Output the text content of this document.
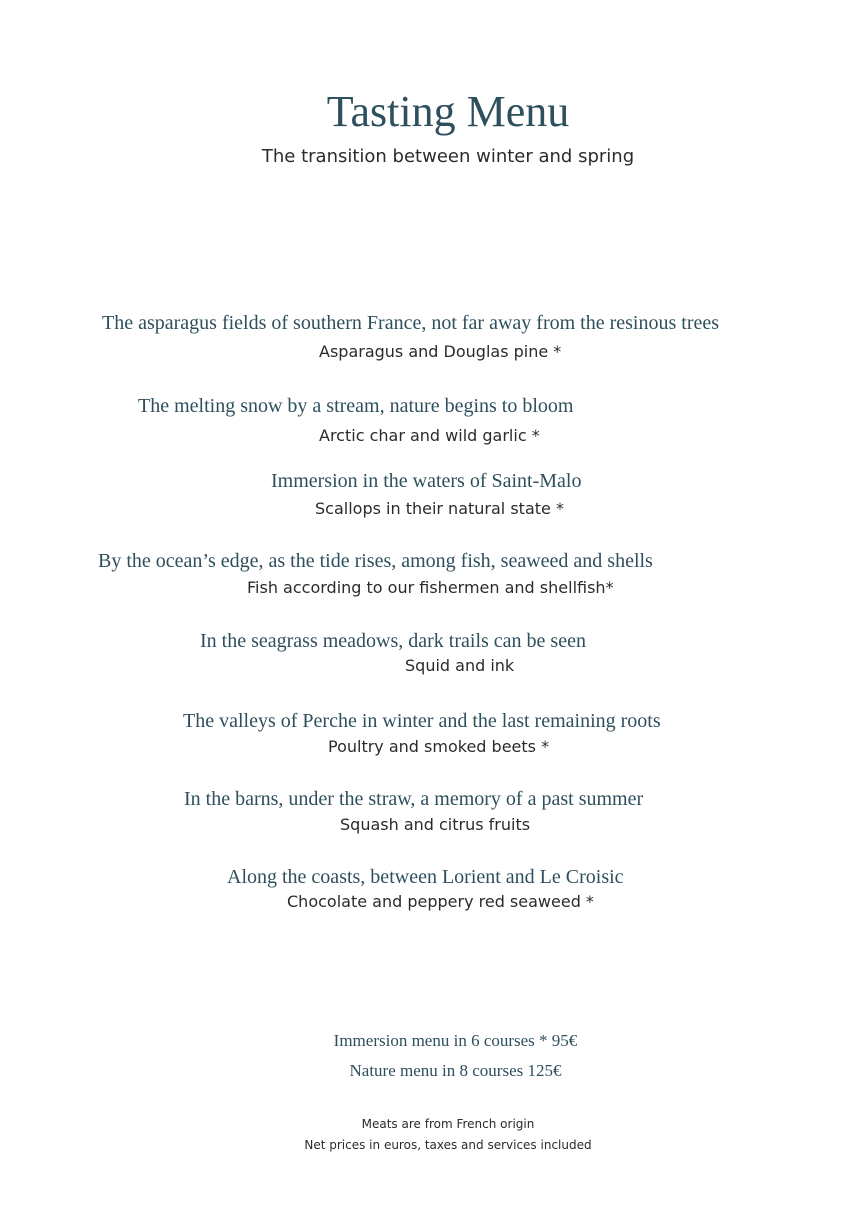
Tasting Menu
The transition between winter and spring
The asparagus fields of southern France, not far away from the resinous trees
Asparagus and Douglas pine *
The melting snow by a stream, nature begins to bloom
Arctic char and wild garlic *
Immersion in the waters of Saint-Malo
Scallops in their natural state *
By the ocean’s edge, as the tide rises, among fish, seaweed and shells
Fish according to our fishermen and shellfish*
In the seagrass meadows, dark trails can be seen
Squid and ink
The valleys of Perche in winter and the last remaining roots
Poultry and smoked beets *
In the barns, under the straw, a memory of a past summer
Squash and citrus fruits
Along the coasts, between Lorient and Le Croisic
Chocolate and peppery red seaweed *
Immersion menu in 6 courses * 95€
Nature menu in 8 courses 125€
Meats are from French origin
Net prices in euros, taxes and services included
